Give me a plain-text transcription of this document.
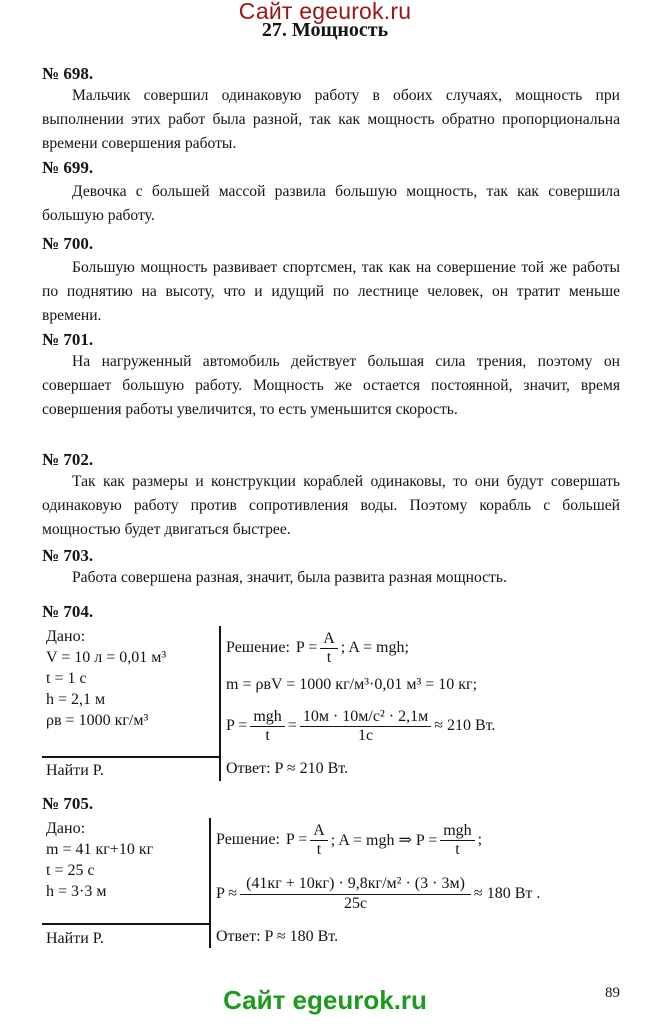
Сайт egeurok.ru
27. Мощность
№ 698.
Мальчик совершил одинаковую работу в обоих случаях, мощность при выполнении этих работ была разной, так как мощность обратно пропорциональна времени совершения работы.
№ 699.
Девочка с большей массой развила большую мощность, так как совершила большую работу.
№ 700.
Большую мощность развивает спортсмен, так как на совершение той же работы по поднятию на высоту, что и идущий по лестнице человек, он тратит меньше времени.
№ 701.
На нагруженный автомобиль действует большая сила трения, поэтому он совершает большую работу. Мощность же остается постоянной, значит, время совершения работы увеличится, то есть уменьшится скорость.
№ 702.
Так как размеры и конструкции кораблей одинаковы, то они будут совершать одинаковую работу против сопротивления воды. Поэтому корабль с большей мощностью будет двигаться быстрее.
№ 703.
Работа совершена разная, значит, была развита разная мощность.
№ 704.
Дано:
V = 10 л = 0,01 м³
t = 1 с
h = 2,1 м
ρв = 1000 кг/м³
Найти P.
Решение: $P = \frac{A}{t}$ ; A = mgh;
m = ρвV = 1000 кг/м³·0,01 м³ = 10 кг;
$P = \frac{\text{mgh}}{t} = \frac{\text{10м · 10м/с² · 2,1м}}{1с} \approx 210$ Вт.
Ответ: P ≈ 210 Вт.
№ 705.
Дано:
m = 41 кг+10 кг
t = 25 с
h = 3·3 м
Найти P.
Решение: $P = \frac{A}{t}$ ; A = mgh ⇒ $P = \frac{\text{mgh}}{t}$ ;
$P \approx \frac{\text{(41кг + 10кг) · 9,8кг/м² · (3 · 3м)}}{25с} \approx 180$ Вт .
Ответ: P ≈ 180 Вт.
89
Сайт egeurok.ru
